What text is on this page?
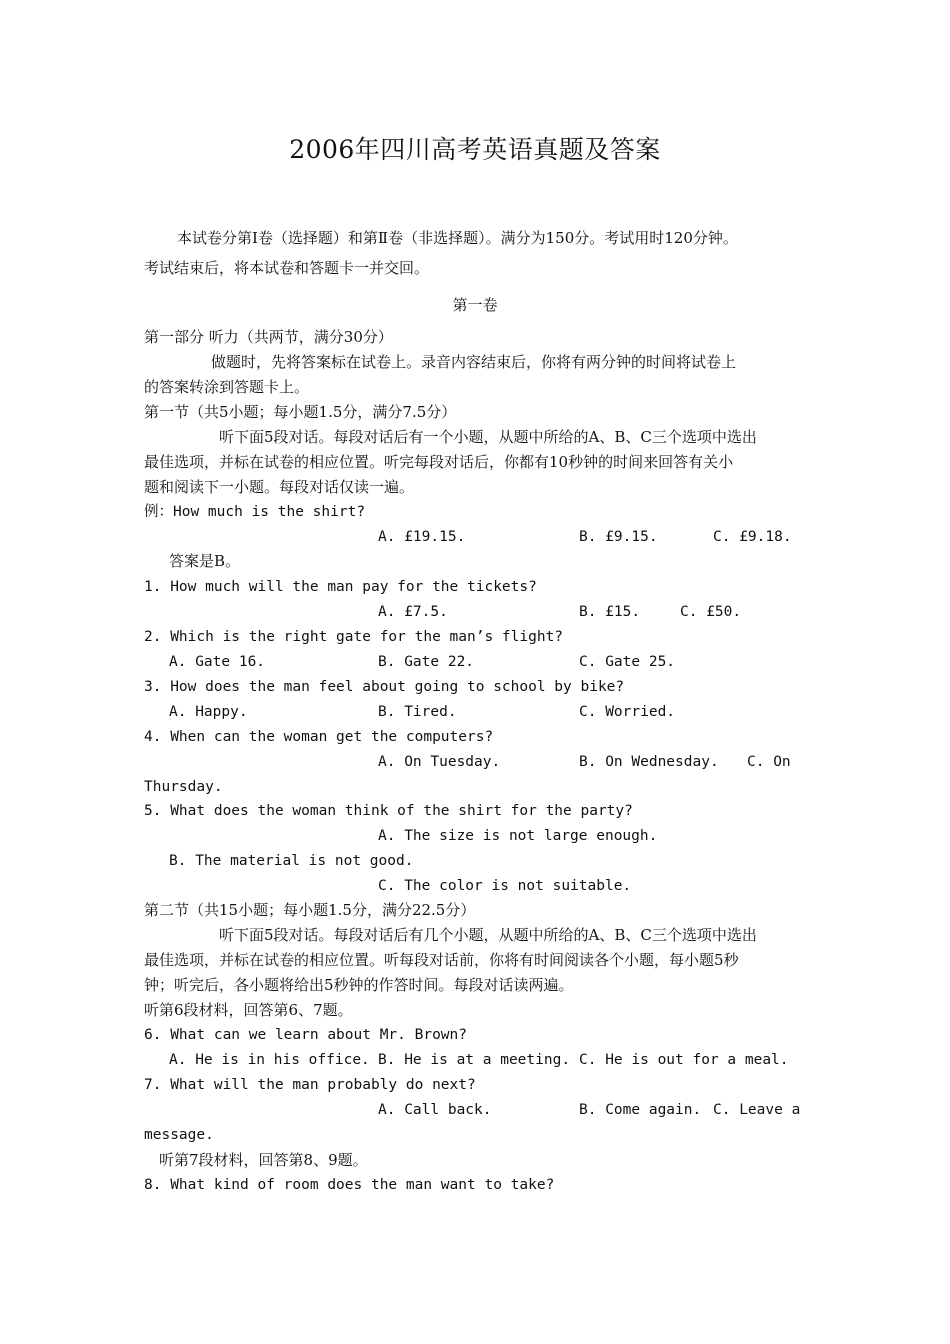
2006年四川高考英语真题及答案
本试卷分第Ⅰ卷（选择题）和第Ⅱ卷（非选择题）。满分为150分。考试用时120分钟。
考试结束后，将本试卷和答题卡一并交回。
第一卷
第一部分 听力（共两节，满分30分）
做题时，先将答案标在试卷上。录音内容结束后，你将有两分钟的时间将试卷上
的答案转涂到答题卡上。
第一节（共5小题；每小题1.5分，满分7.5分）
听下面5段对话。每段对话后有一个小题，从题中所给的A、B、C三个选项中选出
最佳选项，并标在试卷的相应位置。听完每段对话后，你都有10秒钟的时间来回答有关小
题和阅读下一小题。每段对话仅读一遍。
例：How much is the shirt?
A. £19.15.	B. £9.15.	C. £9.18.
答案是B。
1. How much will the man pay for the tickets?
A. £7.5.	B. £15.	C. £50.
2. Which is the right gate for the man’s flight?
A. Gate 16.	B. Gate 22.	C. Gate 25.
3. How does the man feel about going to school by bike?
A. Happy.	B. Tired.	C. Worried.
4. When can the woman get the computers?
A. On Tuesday.	B. On Wednesday. C. On
Thursday.
5. What does the woman think of the shirt for the party?
A. The size is not large enough.
B. The material is not good.
C. The color is not suitable.
第二节（共15小题；每小题1.5分，满分22.5分）
听下面5段对话。每段对话后有几个小题，从题中所给的A、B、C三个选项中选出
最佳选项，并标在试卷的相应位置。听每段对话前，你将有时间阅读各个小题，每小题5秒
钟；听完后，各小题将给出5秒钟的作答时间。每段对话读两遍。
听第6段材料，回答第6、7题。
6. What can we learn about Mr. Brown?
A. He is in his office. B. He is at a meeting. C. He is out for a meal.
7. What will the man probably do next?
A. Call back.	B. Come again. C. Leave a
message.
听第7段材料，回答第8、9题。
8. What kind of room does the man want to take?
